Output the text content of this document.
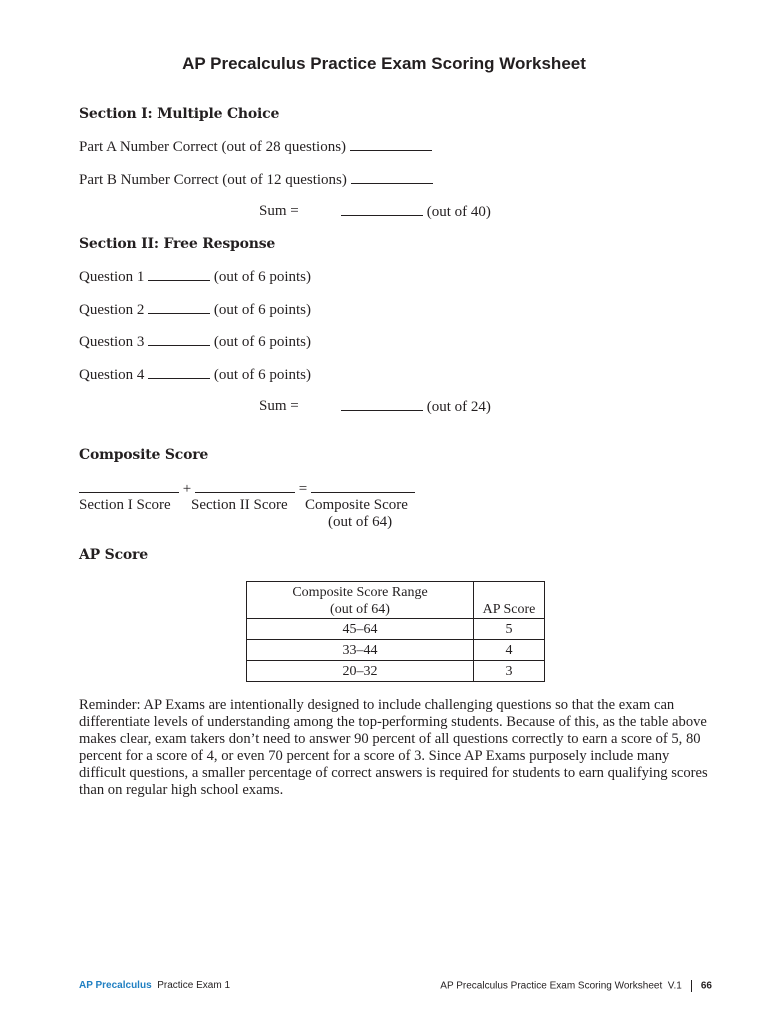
AP Precalculus Practice Exam Scoring Worksheet
Section I: Multiple Choice
Part A Number Correct (out of 28 questions)
Part B Number Correct (out of 12 questions)
Sum =	(out of 40)
Section II: Free Response
Question 1	(out of 6 points)
Question 2	(out of 6 points)
Question 3	(out of 6 points)
Question 4	(out of 6 points)
Sum =	(out of 24)
Composite Score
+	=
Section I Score Section II Score Composite Score
(out of 64)
AP Score
Composite Score Range
(out of 64)	AP Score
45–64	5
33–44	4
20–32	3
Reminder: AP Exams are intentionally designed to include challenging questions so that the exam can differentiate levels of understanding among the top-performing students. Because of this, as the table above makes clear, exam takers don’t need to answer 90 percent of all questions correctly to earn a score of 5, 80 percent for a score of 4, or even 70 percent for a score of 3. Since AP Exams purposely include many difficult questions, a smaller percentage of correct answers is required for students to earn qualifying scores than on regular high school exams.
AP Precalculus Practice Exam 1	AP Precalculus Practice Exam Scoring Worksheet  V.1 66
